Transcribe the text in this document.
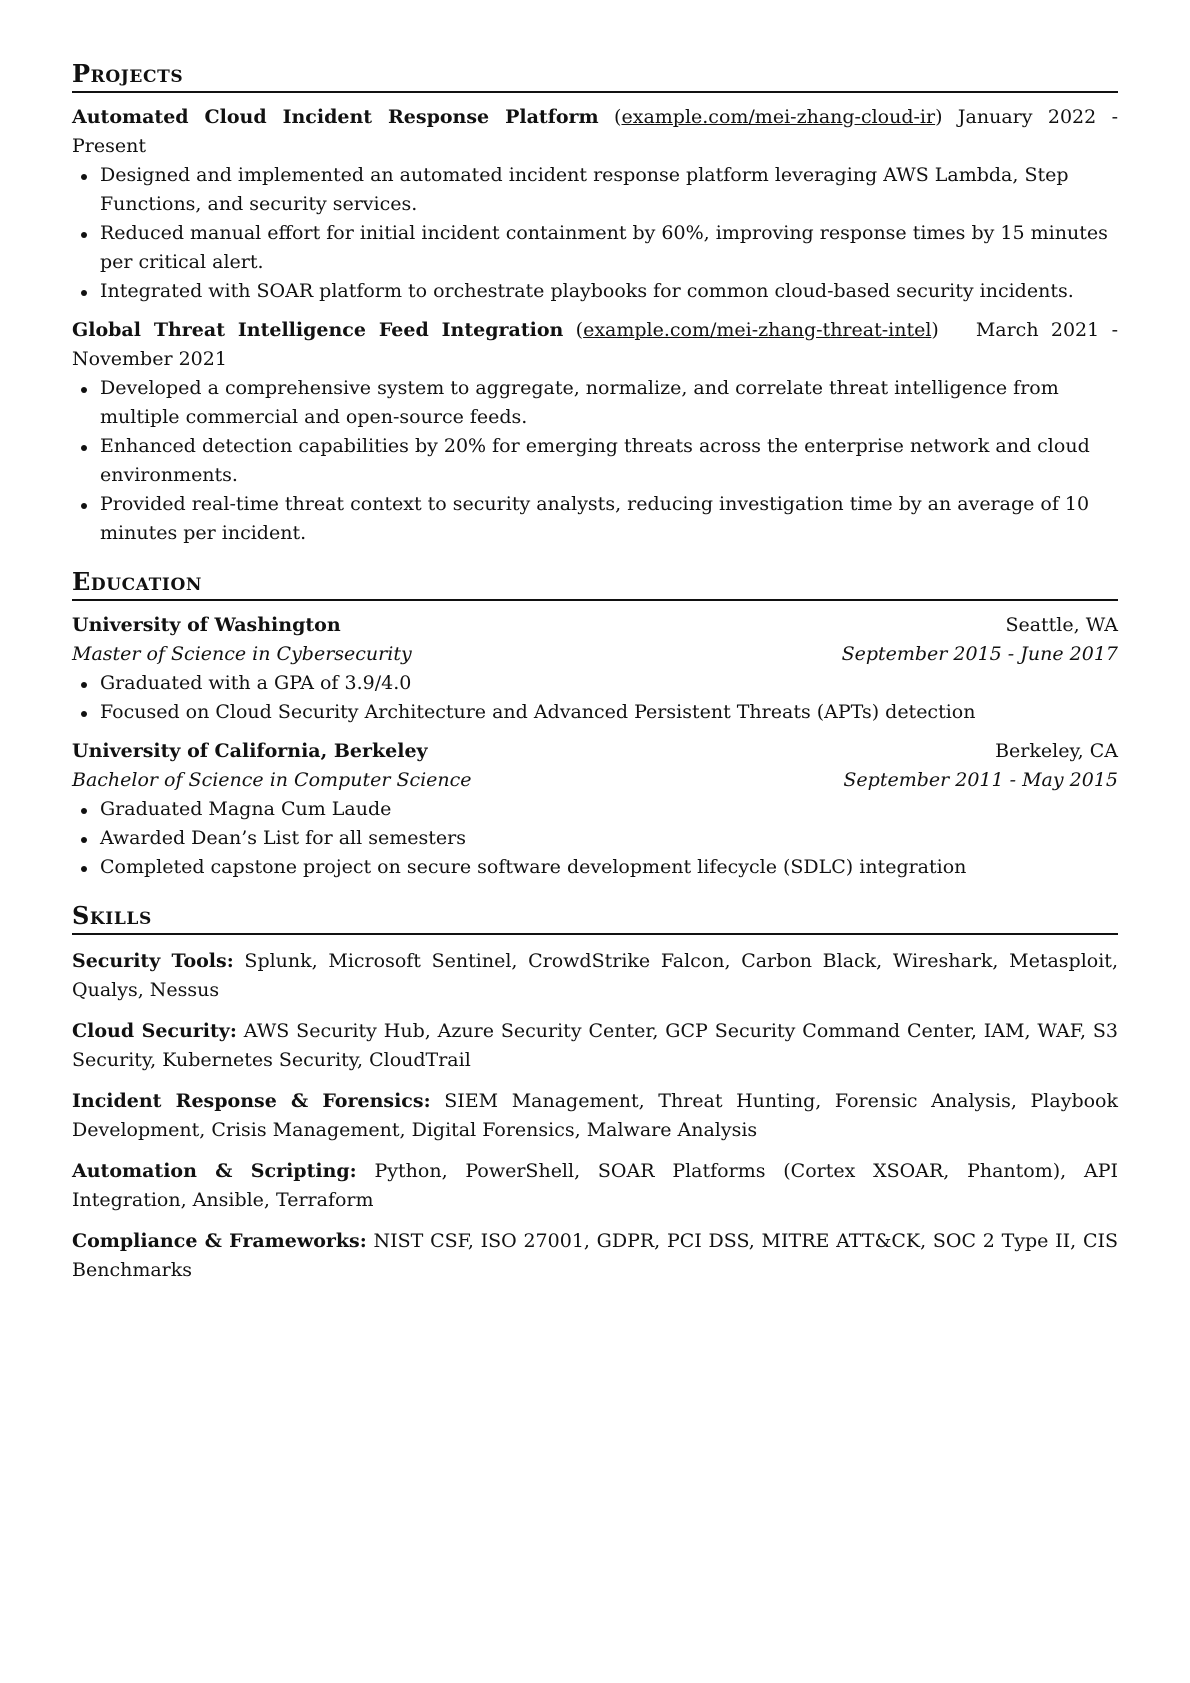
Projects
Automated Cloud Incident Response Platform (example.com/mei-zhang-cloud-ir) January 2022 - Present
Designed and implemented an automated incident response platform leveraging AWS Lambda, Step Functions, and security services.
Reduced manual effort for initial incident containment by 60%, improving response times by 15 minutes per critical alert.
Integrated with SOAR platform to orchestrate playbooks for common cloud-based security incidents.
Global Threat Intelligence Feed Integration (example.com/mei-zhang-threat-intel)   March 2021 - November 2021
Developed a comprehensive system to aggregate, normalize, and correlate threat intelligence from multiple commercial and open-source feeds.
Enhanced detection capabilities by 20% for emerging threats across the enterprise network and cloud environments.
Provided real-time threat context to security analysts, reducing investigation time by an average of 10 minutes per incident.
Education
University of Washington	Seattle, WA
Master of Science in Cybersecurity	September 2015 - June 2017
Graduated with a GPA of 3.9/4.0
Focused on Cloud Security Architecture and Advanced Persistent Threats (APTs) detection
University of California, Berkeley	Berkeley, CA
Bachelor of Science in Computer Science	September 2011 - May 2015
Graduated Magna Cum Laude
Awarded Dean’s List for all semesters
Completed capstone project on secure software development lifecycle (SDLC) integration
Skills
Security Tools: Splunk, Microsoft Sentinel, CrowdStrike Falcon, Carbon Black, Wireshark, Metasploit, Qualys, Nessus
Cloud Security: AWS Security Hub, Azure Security Center, GCP Security Command Center, IAM, WAF, S3 Security, Kubernetes Security, CloudTrail
Incident Response & Forensics: SIEM Management, Threat Hunting, Forensic Analysis, Playbook Development, Crisis Management, Digital Forensics, Malware Analysis
Automation & Scripting: Python, PowerShell, SOAR Platforms (Cortex XSOAR, Phantom), API Integration, Ansible, Terraform
Compliance & Frameworks: NIST CSF, ISO 27001, GDPR, PCI DSS, MITRE ATT&CK, SOC 2 Type II, CIS Benchmarks
